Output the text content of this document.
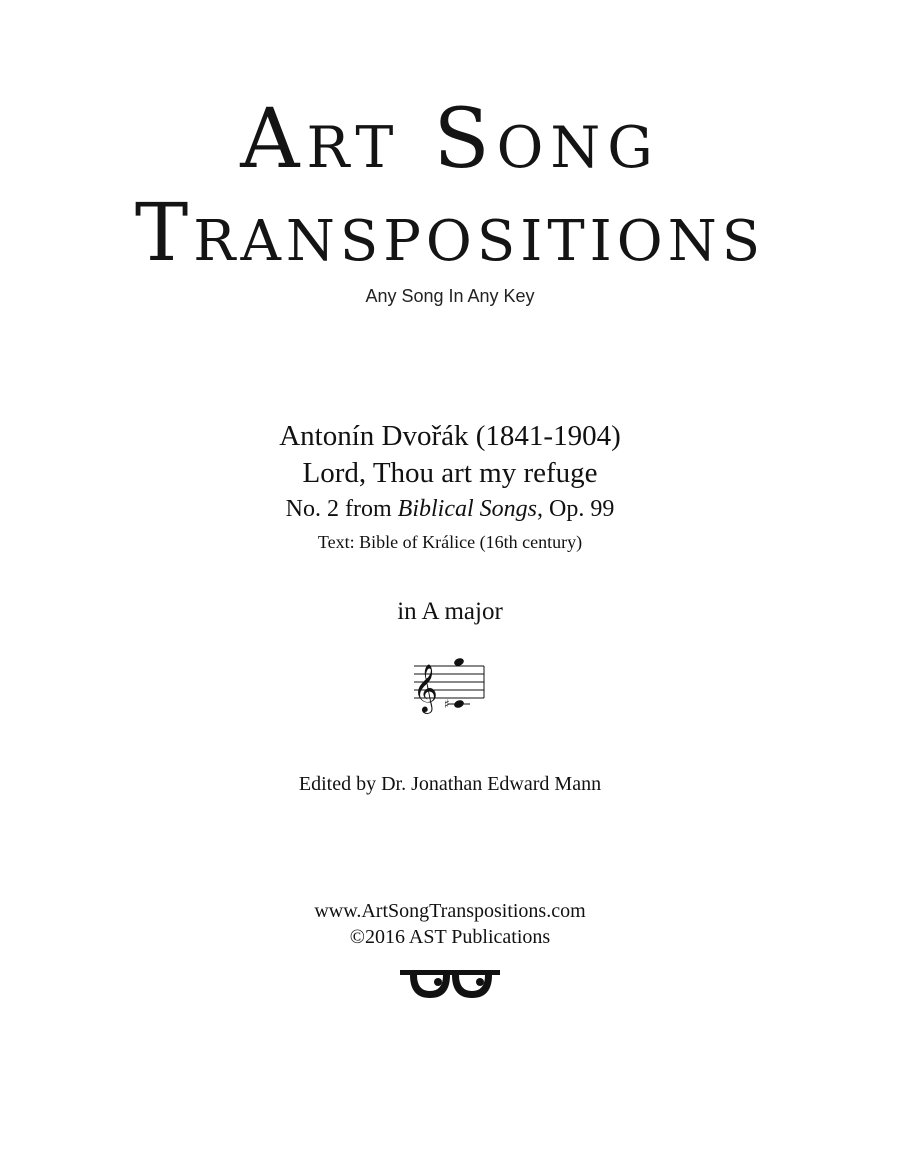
Art Song
Transpositions
Any Song In Any Key
Antonín Dvořák (1841-1904)
Lord, Thou art my refuge
No. 2 from Biblical Songs, Op. 99
Text: Bible of Králice (16th century)
in A major
𝄞 ♯
Edited by Dr. Jonathan Edward Mann
www.ArtSongTranspositions.com
©2016 AST Publications
